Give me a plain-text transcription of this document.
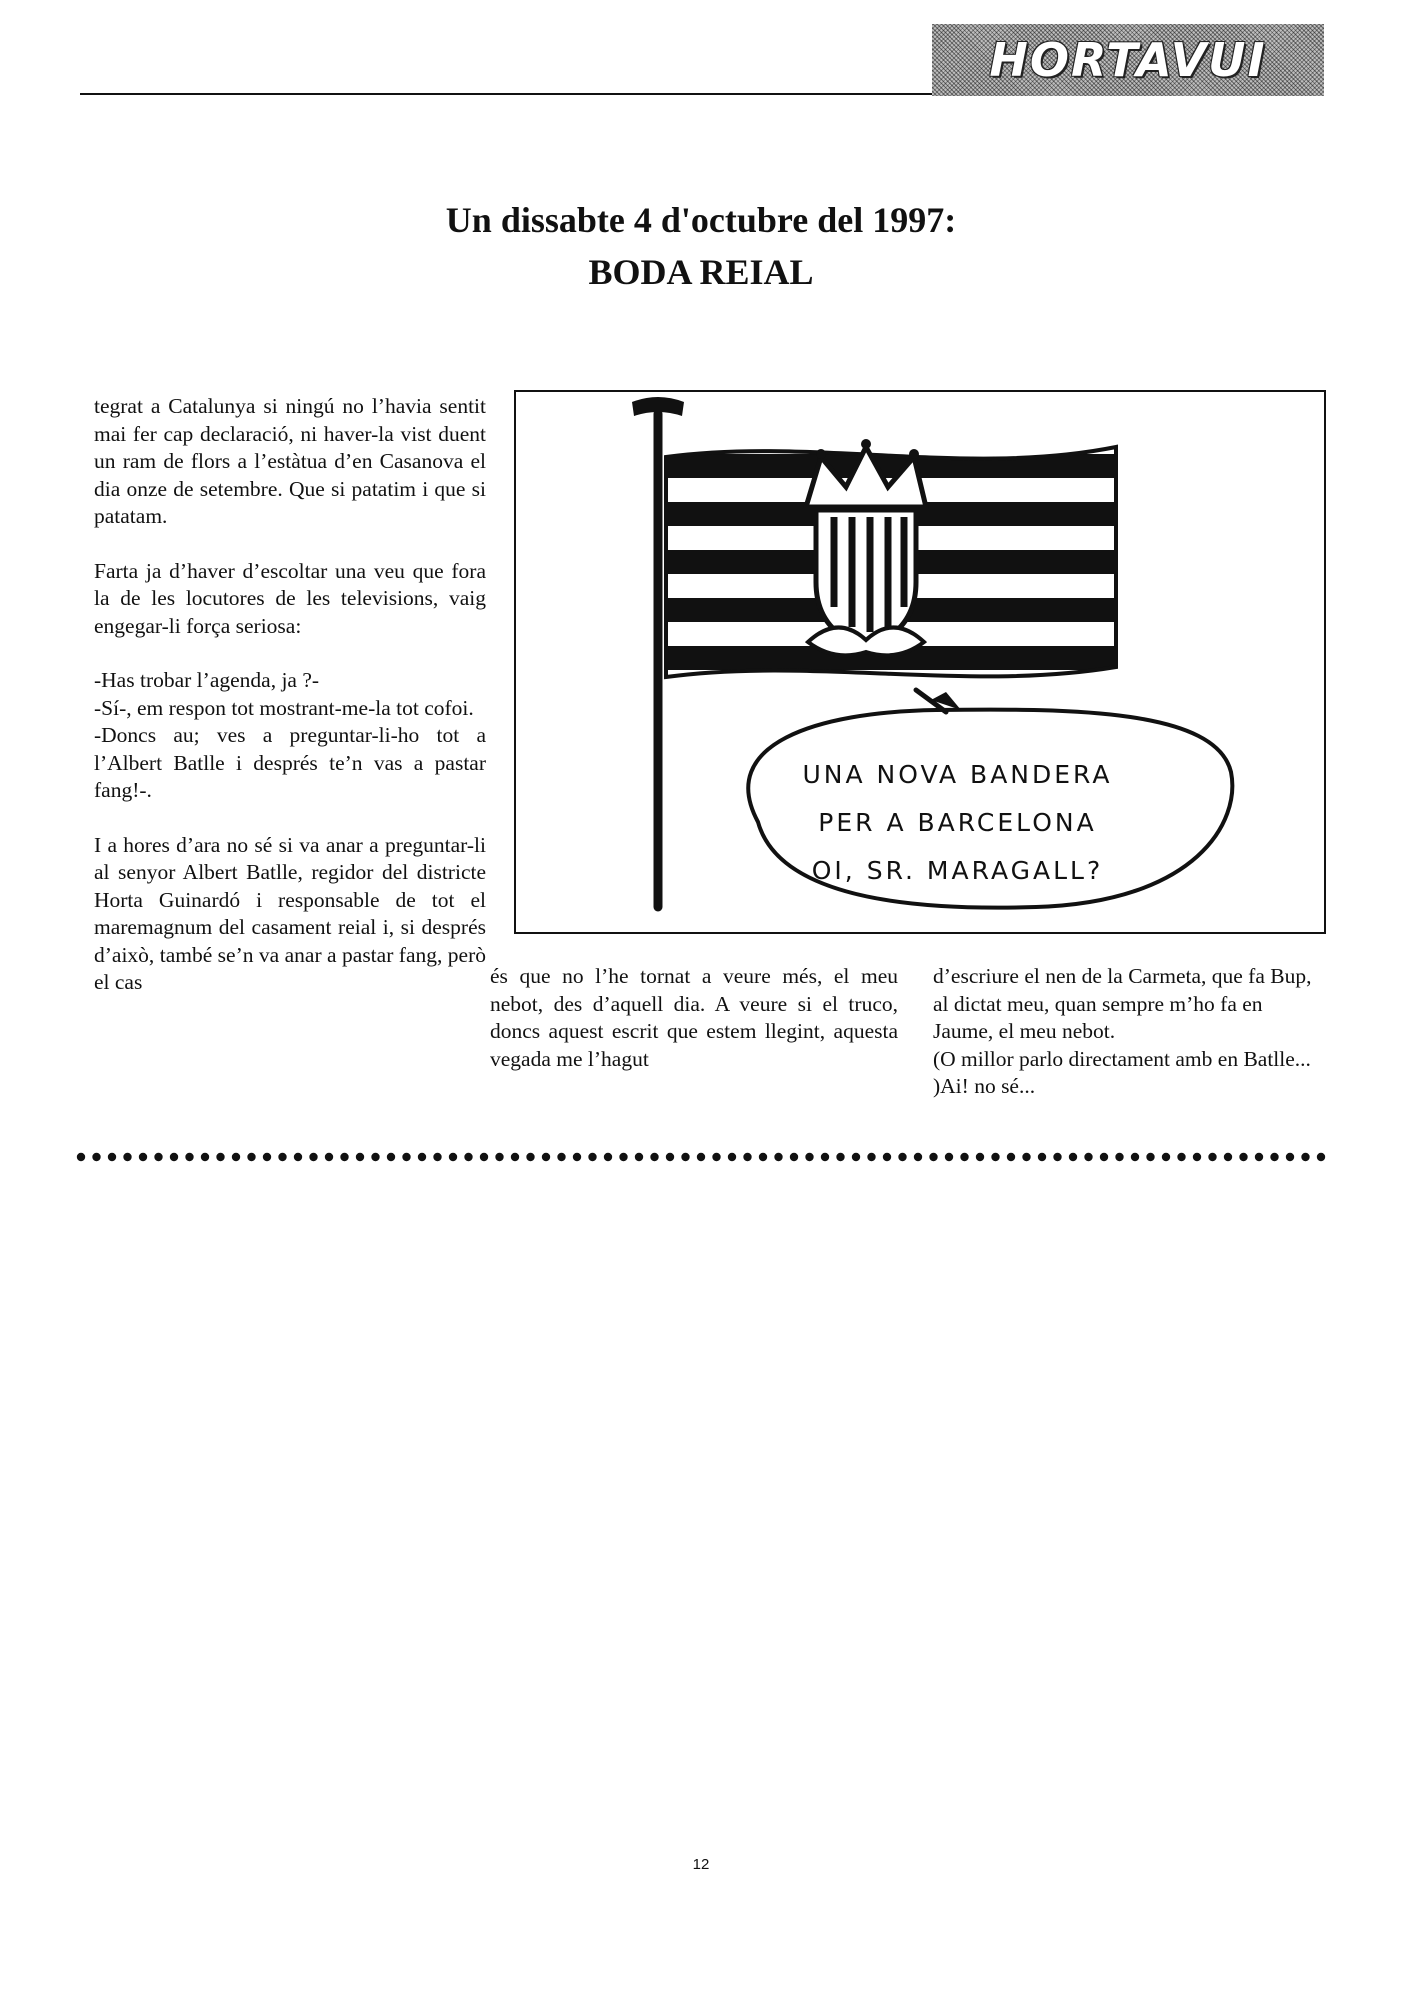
HORTAVUI
Un dissabte 4 d'octubre del 1997:
BODA REIAL

tegrat a Catalunya si ningú no l’havia sentit mai fer cap declaració, ni haver-la vist duent un ram de flors a l’estàtua d’en Casanova el dia onze de setembre. Que si patatim i que si patatam.

Farta ja d’haver d’escoltar una veu que fora la de les locutores de les televisions, vaig engegar-li força seriosa:

-Has trobar l’agenda, ja ?-

-Sí-, em respon tot mostrant-me-la tot cofoi.

-Doncs au; ves a preguntar-li-ho tot a l’Albert Batlle i després te’n vas a pastar fang!-.

I a hores d’ara no sé si va anar a preguntar-li al senyor Albert Batlle, regidor del districte Horta Guinardó i responsable de tot el maremagnum del casament reial i, si després d’això, també se’n va anar a pastar fang, però el cas	és que no l’he tornat a veure més, el meu nebot, des d’aquell dia. A veure si el truco, doncs aquest escrit que estem llegint, aquesta vegada me l’hagut

d’escriure el nen de la Carmeta, que fa Bup, al dictat meu, quan sempre m’ho fa en Jaume, el meu nebot.

(O millor parlo directament amb en Batlle... )Ai! no sé...

UNA NOVA BANDERA
PER A BARCELONA
OI, SR. MARAGALL?
12
